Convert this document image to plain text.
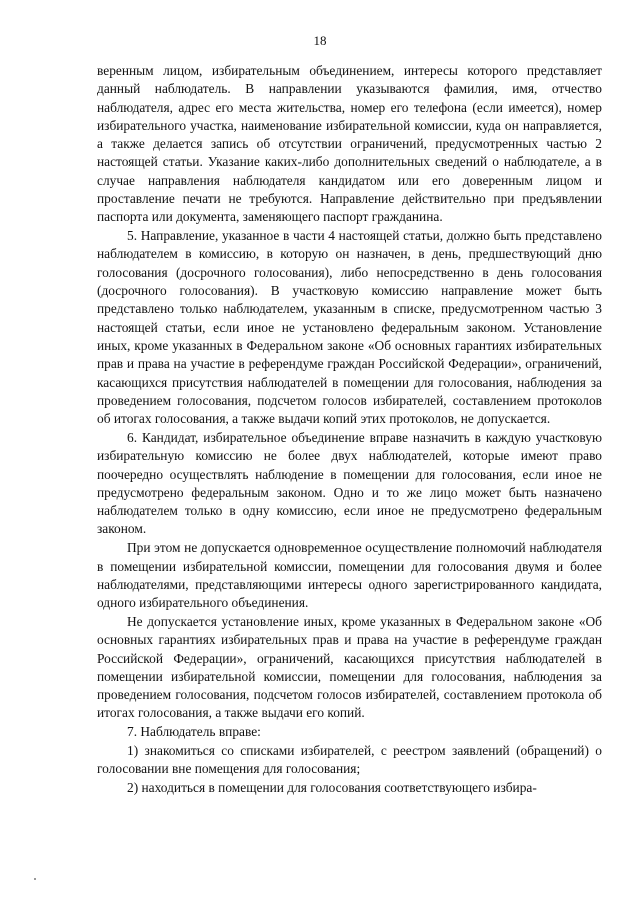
18

веренным лицом, избирательным объединением, интересы которого представляет данный наблюдатель. В направлении указываются фамилия, имя, отчество наблюдателя, адрес его места жительства, номер его телефона (если имеется), номер избирательного участка, наименование избирательной комиссии, куда он направляется, а также делается запись об отсутствии ограничений, предусмотренных частью 2 настоящей статьи. Указание каких-либо дополнительных сведений о наблюдателе, а в случае направления наблюдателя кандидатом или его доверенным лицом и проставление печати не требуются. Направление действительно при предъявлении паспорта или документа, заменяющего паспорт гражданина.

5. Направление, указанное в части 4 настоящей статьи, должно быть представлено наблюдателем в комиссию, в которую он назначен, в день, предшествующий дню голосования (досрочного голосования), либо непосредственно в день голосования (досрочного голосования). В участковую комиссию направление может быть представлено только наблюдателем, указанным в списке, предусмотренном частью 3 настоящей статьи, если иное не установлено федеральным законом. Установление иных, кроме указанных в Федеральном законе «Об основных гарантиях избирательных прав и права на участие в референдуме граждан Российской Федерации», ограничений, касающихся присутствия наблюдателей в помещении для голосования, наблюдения за проведением голосования, подсчетом голосов избирателей, составлением протоколов об итогах голосования, а также выдачи копий этих протоколов, не допускается.

6. Кандидат, избирательное объединение вправе назначить в каждую участковую избирательную комиссию не более двух наблюдателей, которые имеют право поочередно осуществлять наблюдение в помещении для голосования, если иное не предусмотрено федеральным законом. Одно и то же лицо может быть назначено наблюдателем только в одну комиссию, если иное не предусмотрено федеральным законом.

При этом не допускается одновременное осуществление полномочий наблюдателя в помещении избирательной комиссии, помещении для голосования двумя и более наблюдателями, представляющими интересы одного зарегистрированного кандидата, одного избирательного объединения.

Не допускается установление иных, кроме указанных в Федеральном законе «Об основных гарантиях избирательных прав и права на участие в референдуме граждан Российской Федерации», ограничений, касающихся присутствия наблюдателей в помещении избирательной комиссии, помещении для голосования, наблюдения за проведением голосования, подсчетом голосов избирателей, составлением протокола об итогах голосования, а также выдачи его копий.

7. Наблюдатель вправе:

1) знакомиться со списками избирателей, с реестром заявлений (обращений) о голосовании вне помещения для голосования;

2) находиться в помещении для голосования соответствующего избира-
